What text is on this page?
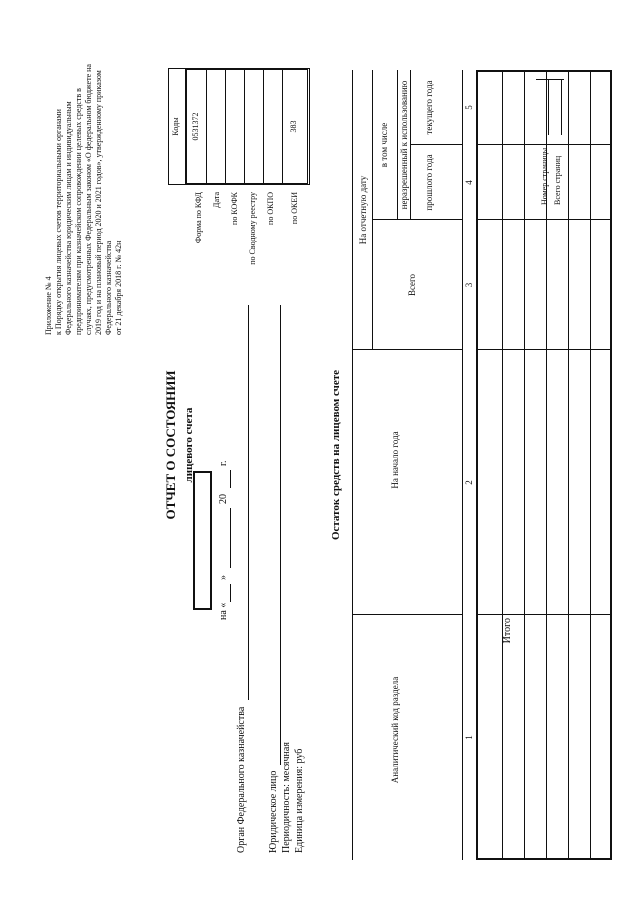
Приложение № 4 к Порядку открытия лицевых счетов территориальными органами Федерального казначейства юридическим лицам и индивидуальным предпринимателям при казначейском сопровождении целевых средств в случаях, предусмотренных Федеральным законом «О федеральном бюджете на 2019 год и на плановый период 2020 и 2021 годов», утвержденному приказом Федерального казначейства от 21 декабря 2018 г. № 42н
ОТЧЕТ О СОСТОЯНИИ лицевого счета
на «
»
20
г.
Орган Федерального казначейства Юридическое лицо Периодичность: месячная Единица измерения: руб
Форма по КФД Дата по КОФК по Сводному реестру по ОКПО по ОКЕИ
Коды 0531372	383
Остаток средств на лицевом счете
Аналитический код раздела
На начало года
На отчетную дату
Всего
в том числе неразрешенный к использованию прошлого года
текущего года
1
2
3
4
5
Итого
Номер страницы Всего страниц
